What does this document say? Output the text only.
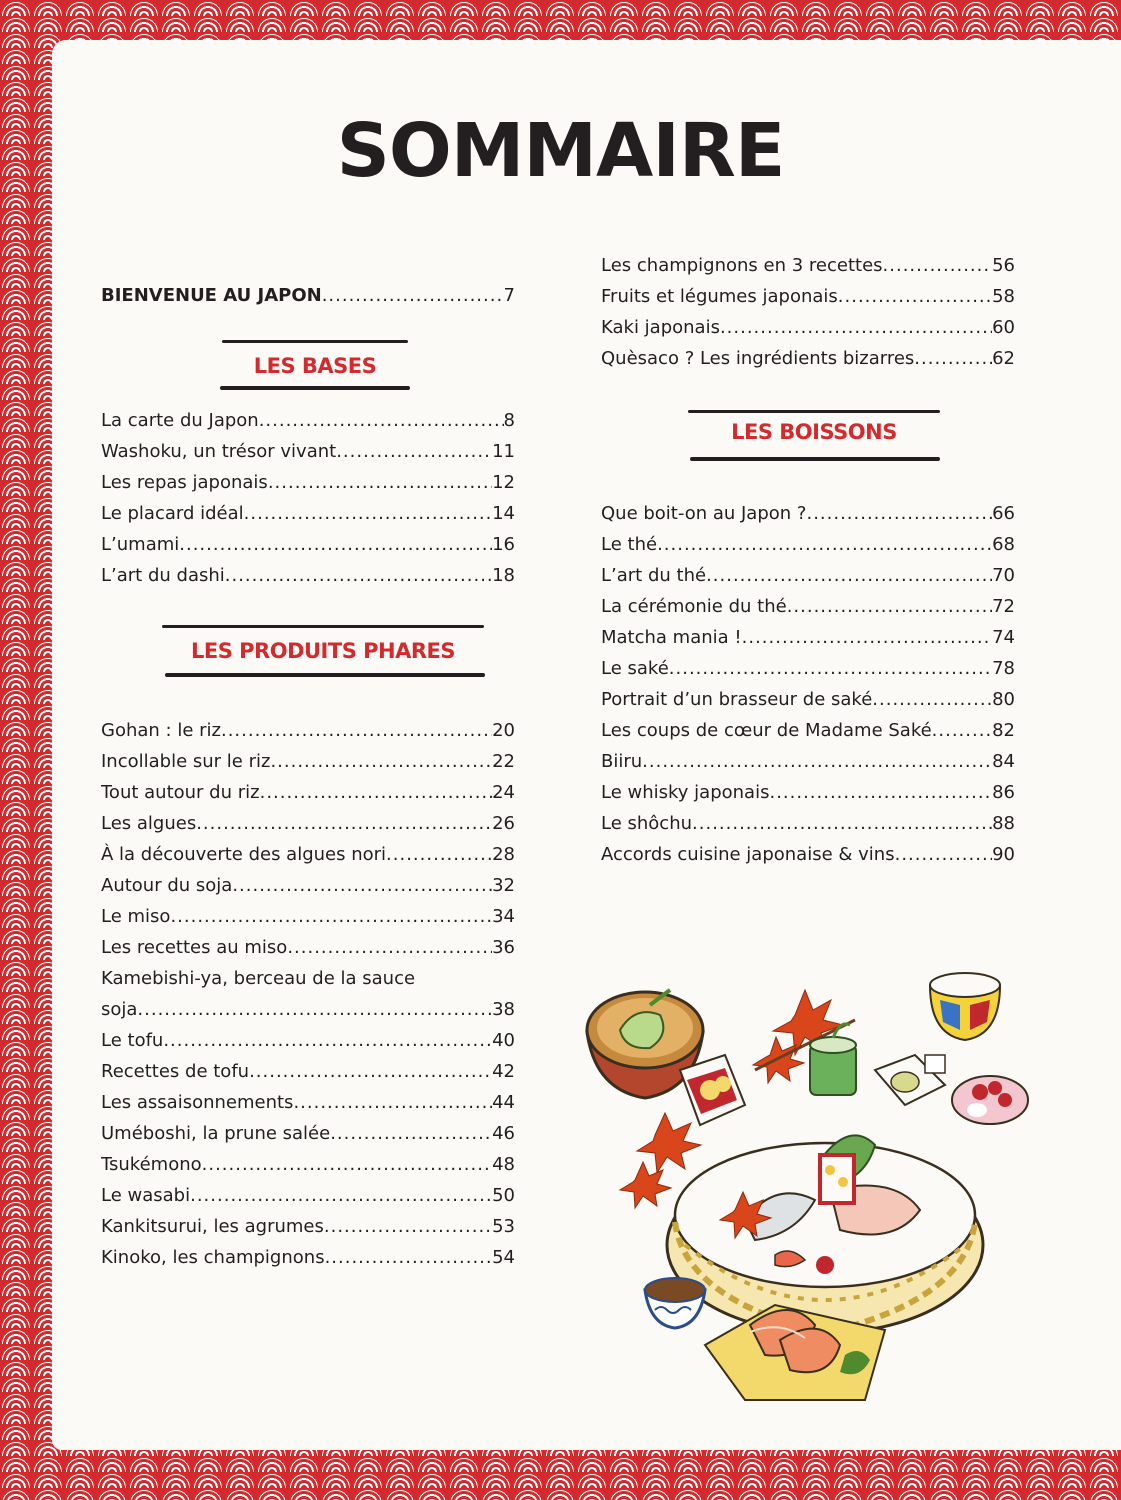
SOMMAIRE
BIENVENUE AU JAPON .....	7
LES BASES
LES PRODUITS PHARES
Gohan : le riz .....	20
Incollable sur le riz .....	22
Tout autour du riz .....	24
Les algues .....	26
À la découverte des algues nori .....	28
Autour du soja .....	32
Le miso .....	34
Les recettes au miso .....	36
Kamebishi-ya, berceau de la sauce
soja .....	38
Le tofu .....	40
Recettes de tofu .....	42
Les assaisonnements .....	44
Uméboshi, la prune salée .....	46
Tsukémono .....	48
Le wasabi .....	50
Kankitsurui, les agrumes .....	53
Kinoko, les champignons .....	54
La carte du Japon .....	8
Washoku, un trésor vivant .....	11
Les repas japonais .....	12
Le placard idéal .....	14
L’umami .....	16
L’art du dashi .....	18
Les champignons en 3 recettes .....	56
Fruits et légumes japonais .....	58
Kaki japonais .....	60
Quèsaco ? Les ingrédients bizarres .....	62
LES BOISSONS
Que boit-on au Japon ? .....	66
Le thé .....	68
L’art du thé .....	70
La cérémonie du thé .....	72
Matcha mania ! .....	74
Le saké .....	78
Portrait d’un brasseur de saké .....	80
Les coups de cœur de Madame Saké .....	82
Biiru .....	84
Le whisky japonais .....	86
Le shôchu .....	88
Accords cuisine japonaise & vins .....	90
